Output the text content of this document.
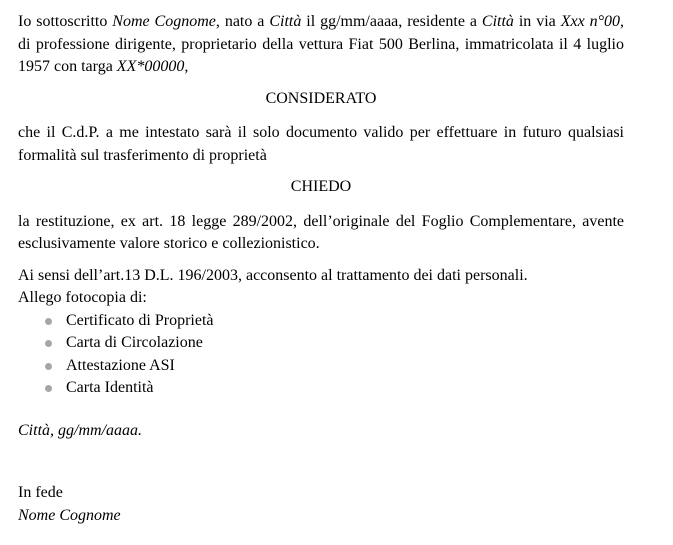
Io sottoscritto Nome Cognome, nato a Città il gg/mm/aaaa, residente a Città in via Xxx n°00, di professione dirigente, proprietario della vettura Fiat 500 Berlina, immatricolata il 4 luglio 1957 con targa XX*00000,

CONSIDERATO

che il C.d.P. a me intestato sarà il solo documento valido per effettuare in futuro qualsiasi formalità sul trasferimento di proprietà

CHIEDO

la restituzione, ex art. 18 legge 289/2002, dell’originale del Foglio Complementare, avente esclusivamente valore storico e collezionistico.

Ai sensi dell’art.13 D.L. 196/2003, acconsento al trattamento dei dati personali.

Allego fotocopia di:

Certificato di Proprietà
Carta di Circolazione
Attestazione ASI
Carta Identità

Città, gg/mm/aaaa.

In fede

Nome Cognome
